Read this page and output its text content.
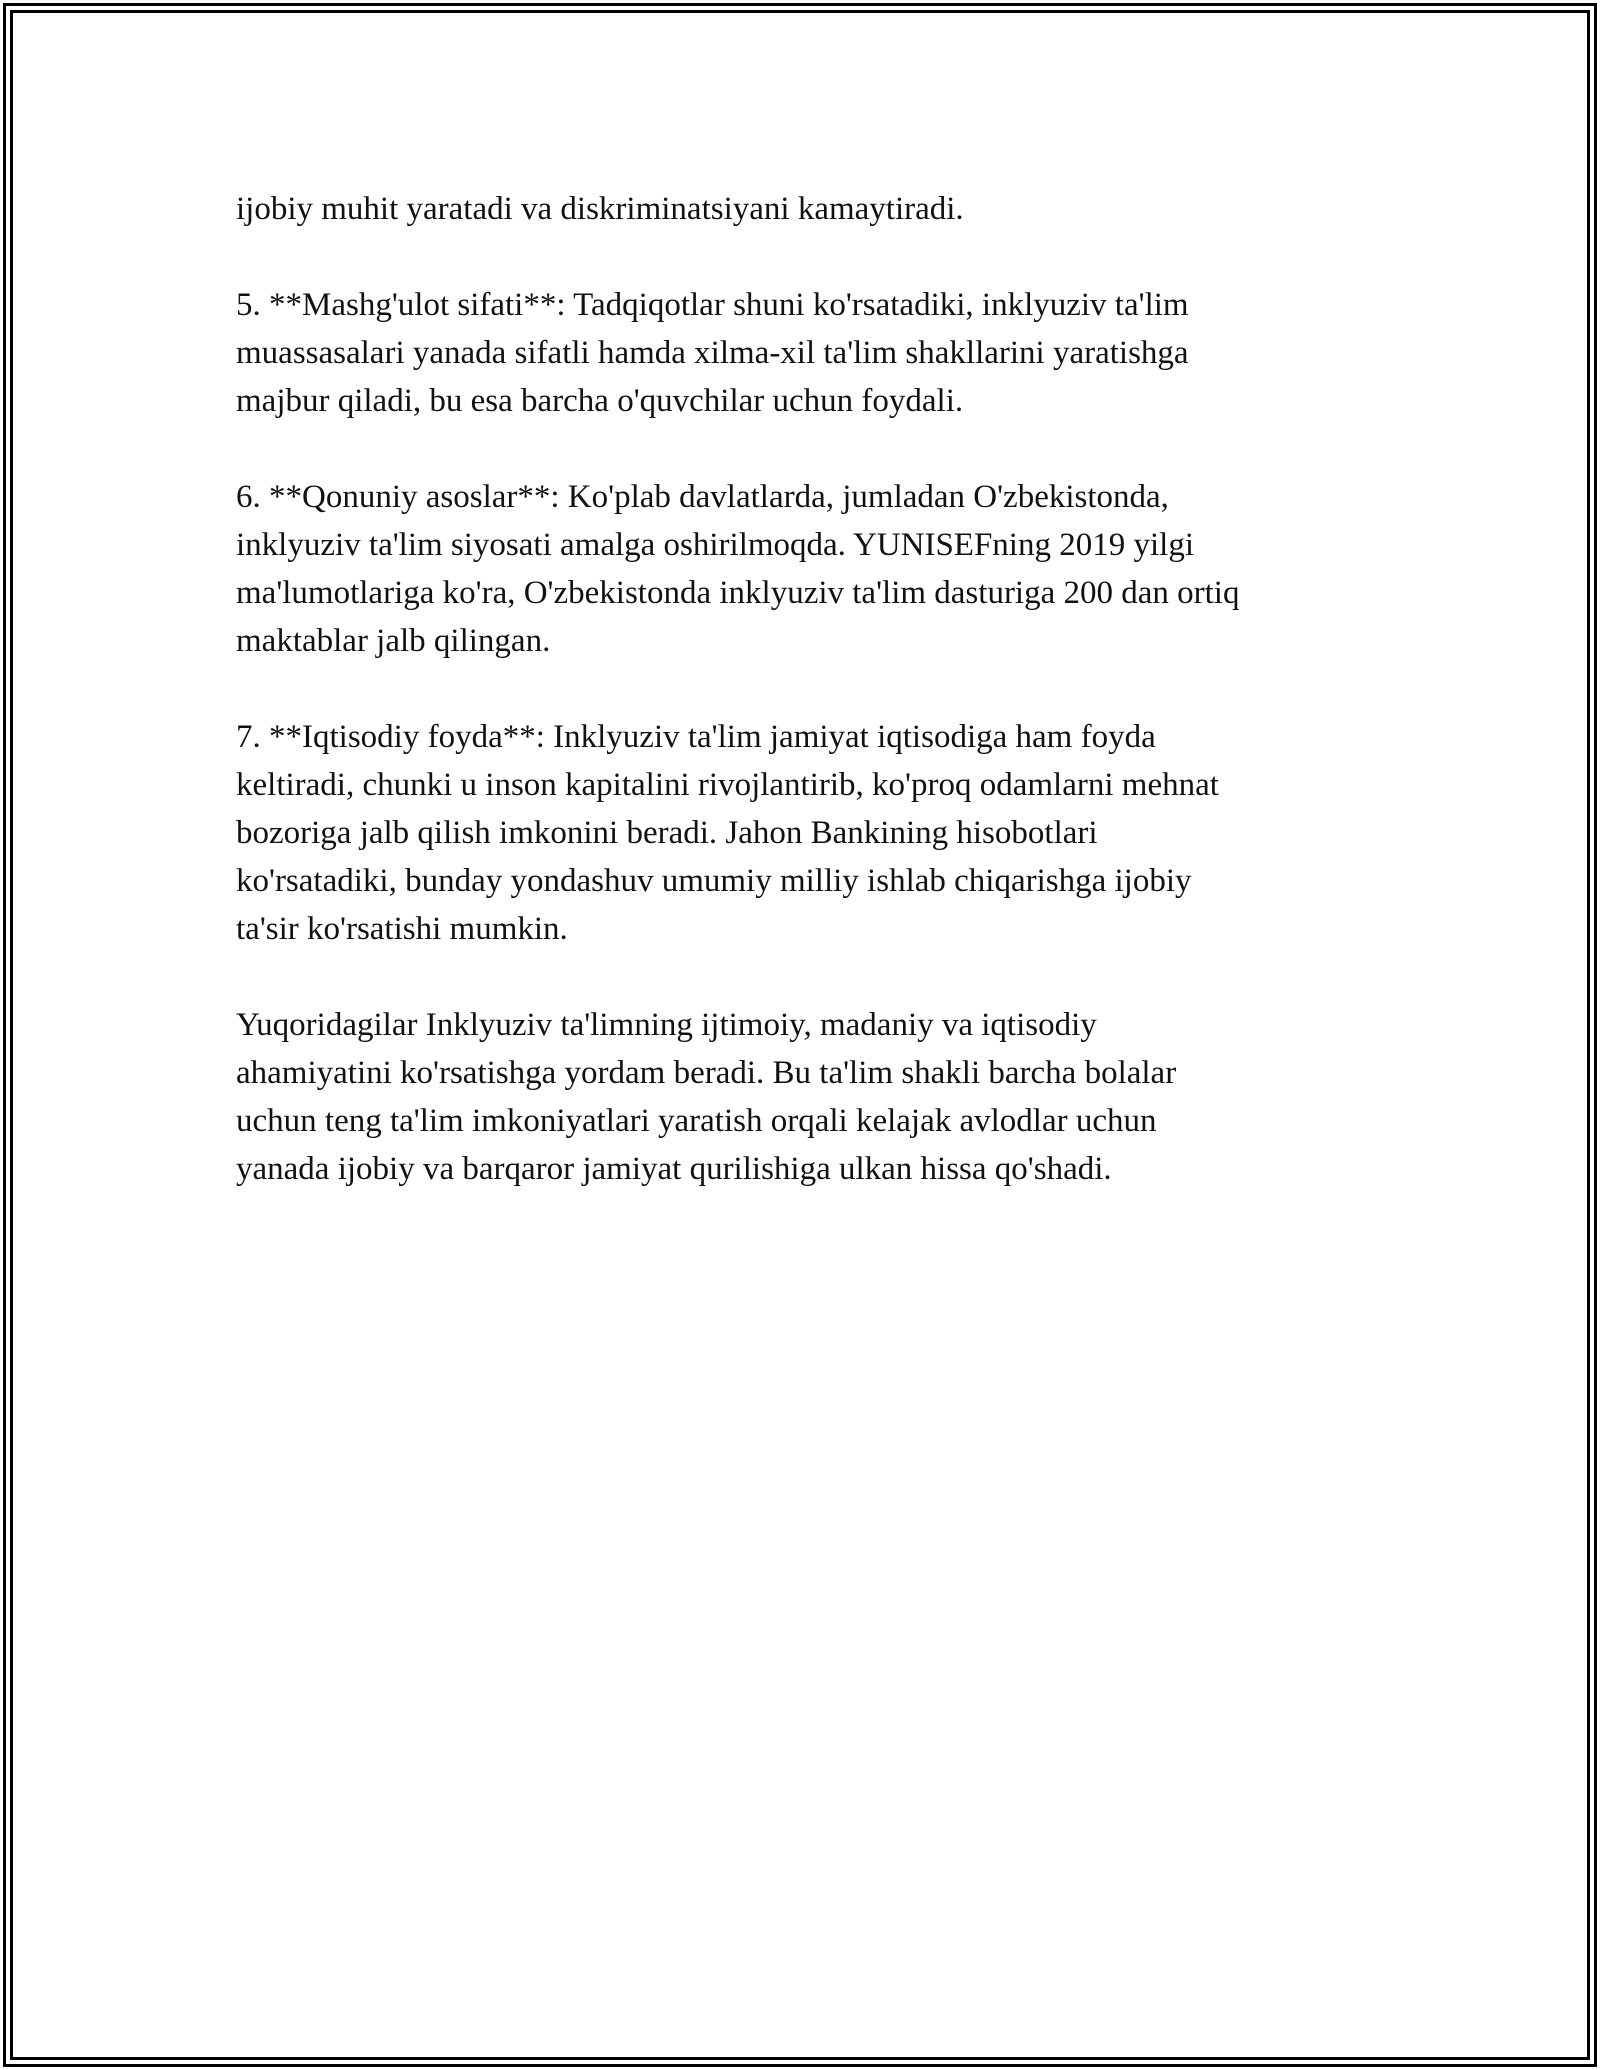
ijobiy muhit yaratadi va diskriminatsiyani kamaytiradi.

5. **Mashg'ulot sifati**: Tadqiqotlar shuni ko'rsatadiki, inklyuziv ta'lim
muassasalari yanada sifatli hamda xilma-xil ta'lim shakllarini yaratishga
majbur qiladi, bu esa barcha o'quvchilar uchun foydali.

6. **Qonuniy asoslar**: Ko'plab davlatlarda, jumladan O'zbekistonda,
inklyuziv ta'lim siyosati amalga oshirilmoqda. YUNISEFning 2019 yilgi
ma'lumotlariga ko'ra, O'zbekistonda inklyuziv ta'lim dasturiga 200 dan ortiq
maktablar jalb qilingan.

7. **Iqtisodiy foyda**: Inklyuziv ta'lim jamiyat iqtisodiga ham foyda
keltiradi, chunki u inson kapitalini rivojlantirib, ko'proq odamlarni mehnat
bozoriga jalb qilish imkonini beradi. Jahon Bankining hisobotlari
ko'rsatadiki, bunday yondashuv umumiy milliy ishlab chiqarishga ijobiy
ta'sir ko'rsatishi mumkin.

Yuqoridagilar Inklyuziv ta'limning ijtimoiy, madaniy va iqtisodiy
ahamiyatini ko'rsatishga yordam beradi. Bu ta'lim shakli barcha bolalar
uchun teng ta'lim imkoniyatlari yaratish orqali kelajak avlodlar uchun
yanada ijobiy va barqaror jamiyat qurilishiga ulkan hissa qo'shadi.
